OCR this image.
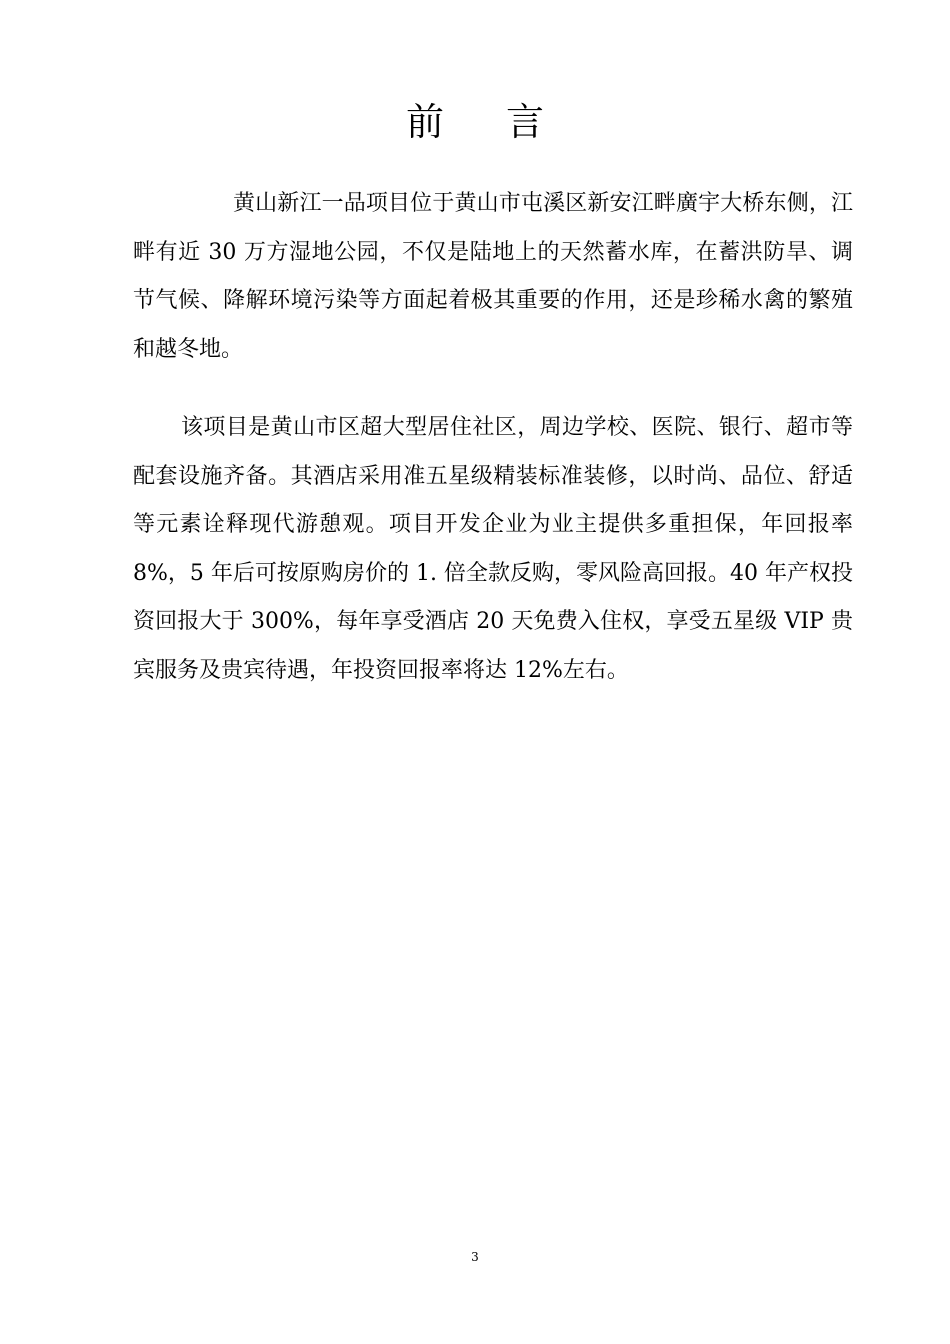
前言

黄山新江一品项目位于黄山市屯溪区新安江畔廣宇大桥东侧，江畔有近 30 万方湿地公园，不仅是陆地上的天然蓄水库，在蓄洪防旱、调节气候、降解环境污染等方面起着极其重要的作用，还是珍稀水禽的繁殖和越冬地。

该项目是黄山市区超大型居住社区，周边学校、医院、银行、超市等配套设施齐备。其酒店采用准五星级精装标准装修，以时尚、品位、舒适等元素诠释现代游憩观。项目开发企业为业主提供多重担保，年回报率 8%，5 年后可按原购房价的 1. 倍全款反购，零风险高回报。40 年产权投资回报大于 300%，每年享受酒店 20 天免费入住权，享受五星级 VIP 贵宾服务及贵宾待遇，年投资回报率将达 12%左右。

3
